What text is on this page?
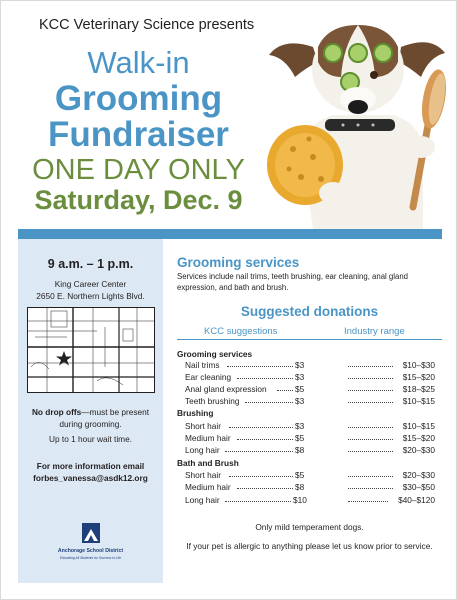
KCC Veterinary Science presents
Walk-in
Grooming
Fundraiser
ONE DAY ONLY
Saturday, Dec. 9
9 a.m. – 1 p.m.
King Career Center
2650 E. Northern Lights Blvd.
No drop offs—must be present during grooming.
Up to 1 hour wait time.
For more information email
forbes_vanessa@asdk12.org
Anchorage School District
Educating All Students for Success in Life
Grooming services
Services include nail trims, teeth brushing, ear cleaning, anal gland expression, and bath and brush.
Suggested donations
KCC suggestions	Industry range
Grooming services
Nail trims	$3	$10–$30
Ear cleaning	$3	$15–$20
Anal gland expression	$5	$18–$25
Teeth brushing	$3	$10–$15
Brushing
Short hair	$3	$10–$15
Medium hair	$5	$15–$20
Long hair	$8	$20–$30
Bath and Brush
Short hair	$5	$20–$30
Medium hair	$8	$30–$50
Long hair	$10	$40–$120
Only mild temperament dogs.
If your pet is allergic to anything please let us know prior to service.
